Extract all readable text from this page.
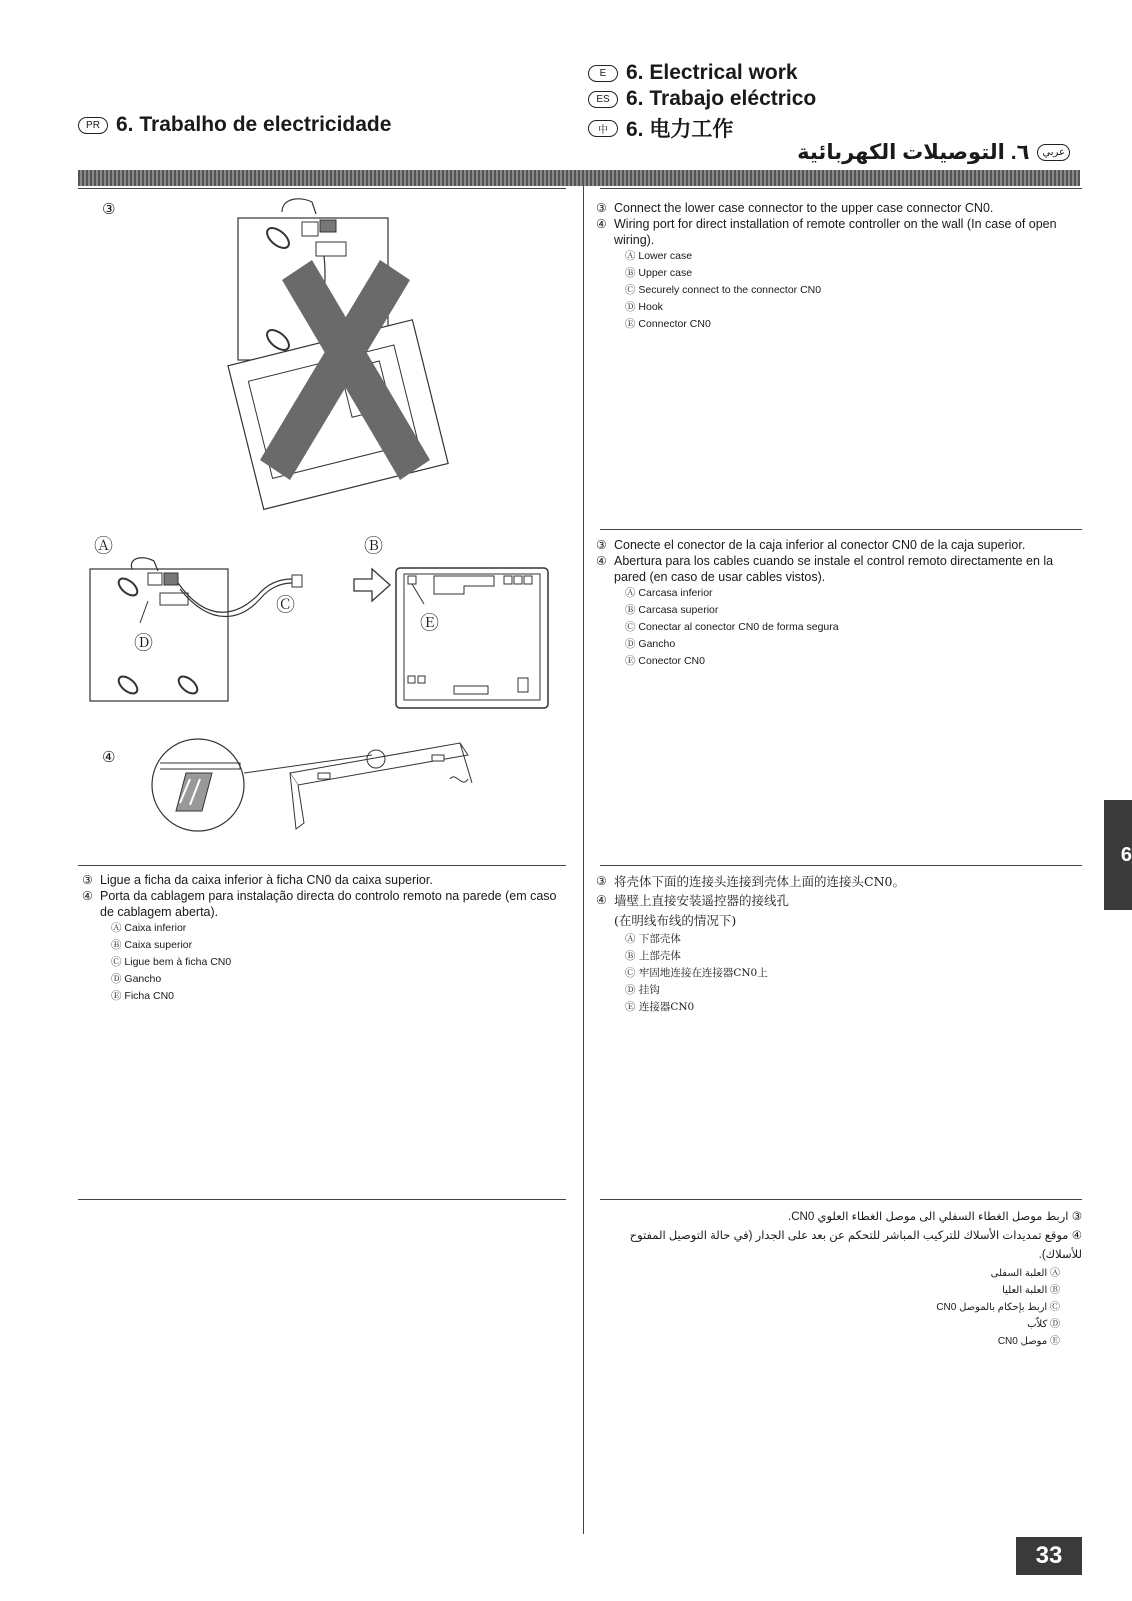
PR 6. Trabalho de electricidade
E 6. Electrical work
ES 6. Trabajo eléctrico
中 6. 电力工作
عربي
٦. التوصيلات الكهربائية
③
Ⓐ	Ⓑ
④
Ⓒ
Ⓓ
Ⓔ
③ Connect the lower case connector to the upper case connector CN0.
④ Wiring port for direct installation of remote controller on the wall (In case of open wiring).
Ⓐ Lower case
Ⓑ Upper case
Ⓒ Securely connect to the connector CN0
Ⓓ Hook
Ⓔ Connector CN0
③ Conecte el conector de la caja inferior al conector CN0 de la caja superior.
④ Abertura para los cables cuando se instale el control remoto directamente en la pared (en caso de usar cables vistos).
Ⓐ Carcasa inferior
Ⓑ Carcasa superior
Ⓒ Conectar al conector CN0 de forma segura
Ⓓ Gancho
Ⓔ Conector CN0
③ Ligue a ficha da caixa inferior à ficha CN0 da caixa superior.
④ Porta da cablagem para instalação directa do controlo remoto na parede (em caso de cablagem aberta).
Ⓐ Caixa inferior
Ⓑ Caixa superior
Ⓒ Ligue bem à ficha CN0
Ⓓ Gancho
Ⓔ Ficha CN0
③ 将壳体下面的连接头连接到壳体上面的连接头CN0。
④ 墙壁上直接安装遥控器的接线孔
(在明线布线的情况下)
Ⓐ 下部壳体
Ⓑ 上部壳体
Ⓒ 牢固地连接在连接器CN0上
Ⓓ 挂钩
Ⓔ 连接器CN0
③ اربط موصل الغطاء السفلي الى موصل الغطاء العلوي CN0.
④ موقع تمديدات الأسلاك للتركيب المباشر للتحكم عن بعد على الجدار (في حالة التوصيل المفتوح للأسلاك).
Ⓐ العلبة السفلى
Ⓑ العلبة العليا
Ⓒ اربط بإحكام بالموصل CN0
Ⓓ كلاّب
Ⓔ موصل CN0
6
33
